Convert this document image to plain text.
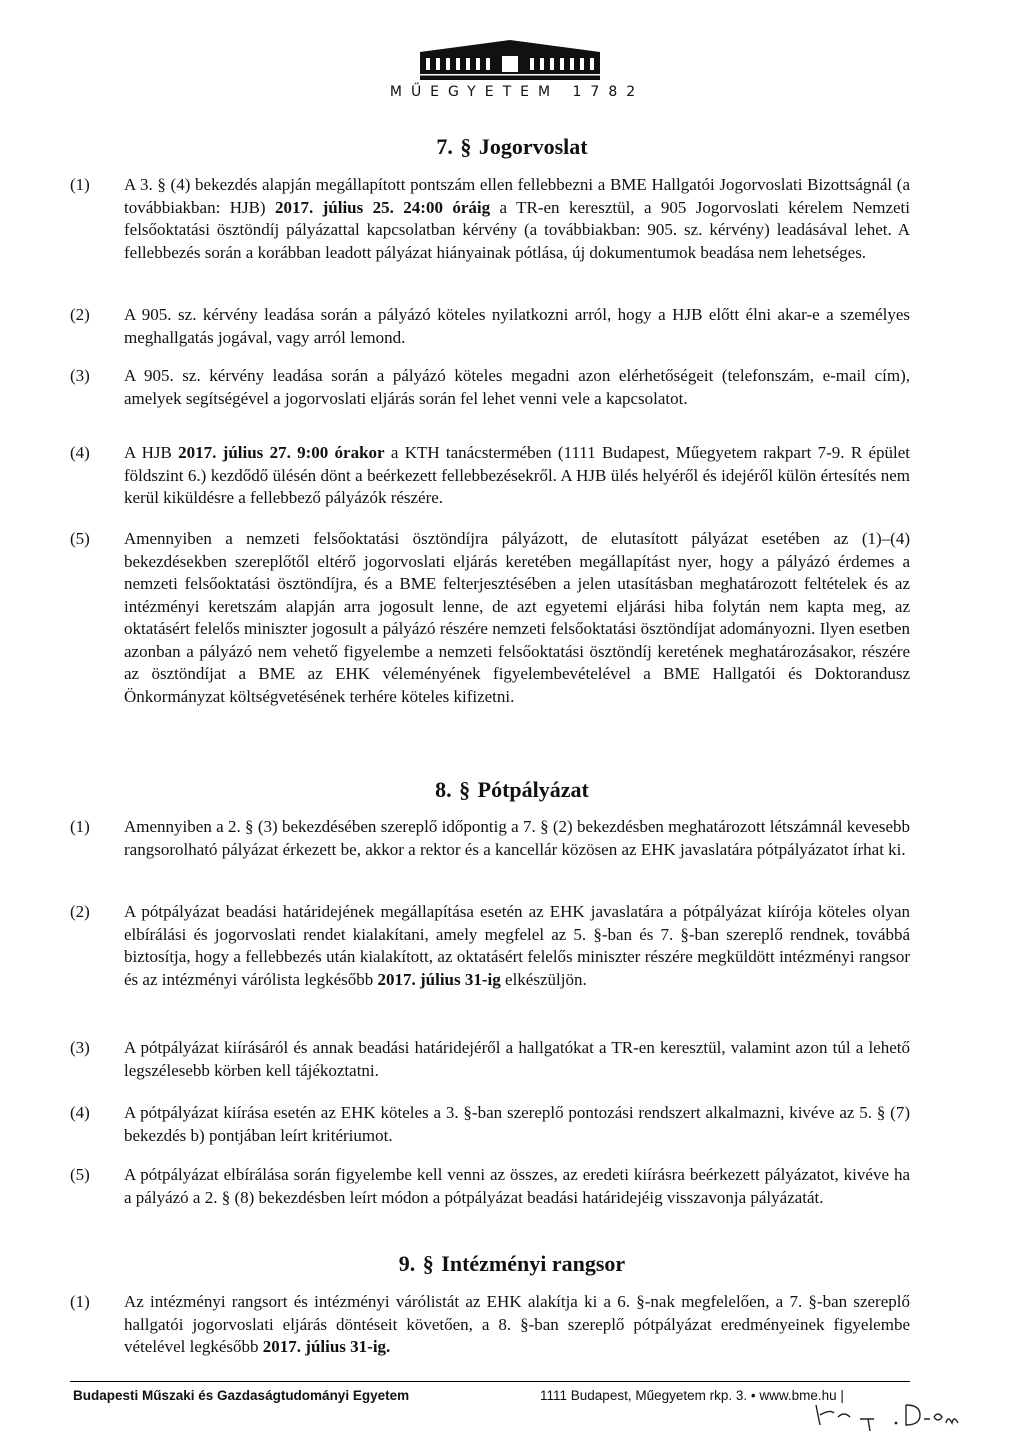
MŰEGYETEM 1782
7. § Jogorvoslat
(1) A 3. § (4) bekezdés alapján megállapított pontszám ellen fellebbezni a BME Hallgatói Jogorvoslati Bizottságnál (a továbbiakban: HJB) 2017. július 25. 24:00 óráig a TR-en keresztül, a 905 Jogorvoslati kérelem Nemzeti felsőoktatási ösztöndíj pályázattal kapcsolatban kérvény (a továbbiakban: 905. sz. kérvény) leadásával lehet. A fellebbezés során a korábban leadott pályázat hiányainak pótlása, új dokumentumok beadása nem lehetséges.
(2) A 905. sz. kérvény leadása során a pályázó köteles nyilatkozni arról, hogy a HJB előtt élni akar-e a személyes meghallgatás jogával, vagy arról lemond.
(3) A 905. sz. kérvény leadása során a pályázó köteles megadni azon elérhetőségeit (telefonszám, e-mail cím), amelyek segítségével a jogorvoslati eljárás során fel lehet venni vele a kapcsolatot.
(4) A HJB 2017. július 27. 9:00 órakor a KTH tanácstermében (1111 Budapest, Műegyetem rakpart 7-9. R épület földszint 6.) kezdődő ülésén dönt a beérkezett fellebbezésekről. A HJB ülés helyéről és idejéről külön értesítés nem kerül kiküldésre a fellebbező pályázók részére.
(5) Amennyiben a nemzeti felsőoktatási ösztöndíjra pályázott, de elutasított pályázat esetében az (1)–(4) bekezdésekben szereplőtől eltérő jogorvoslati eljárás keretében megállapítást nyer, hogy a pályázó érdemes a nemzeti felsőoktatási ösztöndíjra, és a BME felterjesztésében a jelen utasításban meghatározott feltételek és az intézményi keretszám alapján arra jogosult lenne, de azt egyetemi eljárási hiba folytán nem kapta meg, az oktatásért felelős miniszter jogosult a pályázó részére nemzeti felsőoktatási ösztöndíjat adományozni. Ilyen esetben azonban a pályázó nem vehető figyelembe a nemzeti felsőoktatási ösztöndíj keretének meghatározásakor, részére az ösztöndíjat a BME az EHK véleményének figyelembevételével a BME Hallgatói és Doktorandusz Önkormányzat költségvetésének terhére köteles kifizetni.
8. § Pótpályázat
(1) Amennyiben a 2. § (3) bekezdésében szereplő időpontig a 7. § (2) bekezdésben meghatározott létszámnál kevesebb rangsorolható pályázat érkezett be, akkor a rektor és a kancellár közösen az EHK javaslatára pótpályázatot írhat ki.
(2) A pótpályázat beadási határidejének megállapítása esetén az EHK javaslatára a pótpályázat kiírója köteles olyan elbírálási és jogorvoslati rendet kialakítani, amely megfelel az 5. §-ban és 7. §-ban szereplő rendnek, továbbá biztosítja, hogy a fellebbezés után kialakított, az oktatásért felelős miniszter részére megküldött intézményi rangsor és az intézményi várólista legkésőbb 2017. július 31-ig elkészüljön.
(3) A pótpályázat kiírásáról és annak beadási határidejéről a hallgatókat a TR-en keresztül, valamint azon túl a lehető legszélesebb körben kell tájékoztatni.
(4) A pótpályázat kiírása esetén az EHK köteles a 3. §-ban szereplő pontozási rendszert alkalmazni, kivéve az 5. § (7) bekezdés b) pontjában leírt kritériumot.
(5) A pótpályázat elbírálása során figyelembe kell venni az összes, az eredeti kiírásra beérkezett pályázatot, kivéve ha a pályázó a 2. § (8) bekezdésben leírt módon a pótpályázat beadási határidejéig visszavonja pályázatát.
9. § Intézményi rangsor
(1) Az intézményi rangsort és intézményi várólistát az EHK alakítja ki a 6. §-nak megfelelően, a 7. §-ban szereplő hallgatói jogorvoslati eljárás döntéseit követően, a 8. §-ban szereplő pótpályázat eredményeinek figyelembe vételével legkésőbb 2017. július 31-ig.
Budapesti Műszaki és Gazdaságtudományi Egyetem	1111 Budapest, Műegyetem rkp. 3. • www.bme.hu |
